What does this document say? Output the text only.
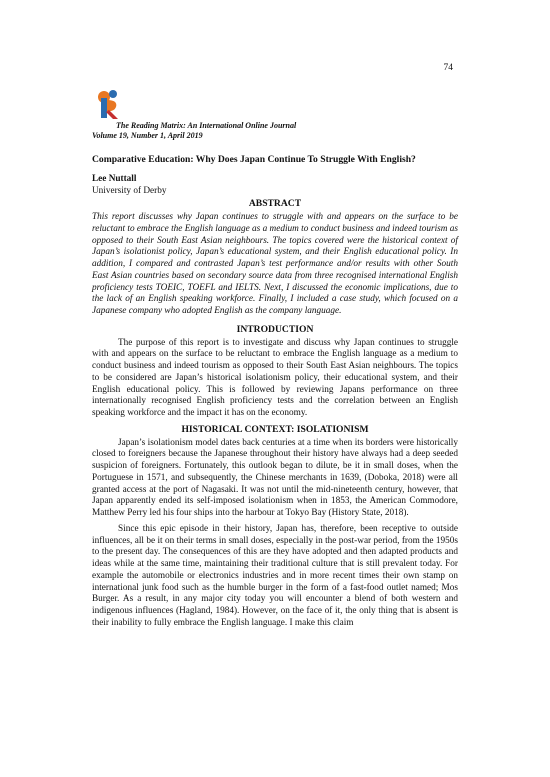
74
The Reading Matrix: An International Online Journal
Volume 19, Number 1, April 2019

Comparative Education: Why Does Japan Continue To Struggle With English?

Lee Nuttall

University of Derby

ABSTRACT

This report discusses why Japan continues to struggle with and appears on the surface to be reluctant to embrace the English language as a medium to conduct business and indeed tourism as opposed to their South East Asian neighbours. The topics covered were the historical context of Japan’s isolationist policy, Japan’s educational system, and their English educational policy. In addition, I compared and contrasted Japan’s test performance and/or results with other South East Asian countries based on secondary source data from three recognised international English proficiency tests TOEIC, TOEFL and IELTS. Next, I discussed the economic implications, due to the lack of an English speaking workforce. Finally, I included a case study, which focused on a Japanese company who adopted English as the company language.

INTRODUCTION

The purpose of this report is to investigate and discuss why Japan continues to struggle with and appears on the surface to be reluctant to embrace the English language as a medium to conduct business and indeed tourism as opposed to their South East Asian neighbours. The topics to be considered are Japan’s historical isolationism policy, their educational system, and their English educational policy. This is followed by reviewing Japans performance on three internationally recognised English proficiency tests and the correlation between an English speaking workforce and the impact it has on the economy.

HISTORICAL CONTEXT: ISOLATIONISM

Japan’s isolationism model dates back centuries at a time when its borders were historically closed to foreigners because the Japanese throughout their history have always had a deep seeded suspicion of foreigners. Fortunately, this outlook began to dilute, be it in small doses, when the Portuguese in 1571, and subsequently, the Chinese merchants in 1639, (Doboka, 2018) were all granted access at the port of Nagasaki. It was not until the mid-nineteenth century, however, that Japan apparently ended its self-imposed isolationism when in 1853, the American Commodore, Matthew Perry led his four ships into the harbour at Tokyo Bay (History State, 2018).

Since this epic episode in their history, Japan has, therefore, been receptive to outside influences, all be it on their terms in small doses, especially in the post-war period, from the 1950s to the present day. The consequences of this are they have adopted and then adapted products and ideas while at the same time, maintaining their traditional culture that is still prevalent today. For example the automobile or electronics industries and in more recent times their own stamp on international junk food such as the humble burger in the form of a fast-food outlet named; Mos Burger. As a result, in any major city today you will encounter a blend of both western and indigenous influences (Hagland, 1984). However, on the face of it, the only thing that is absent is their inability to fully embrace the English language. I make this claim
